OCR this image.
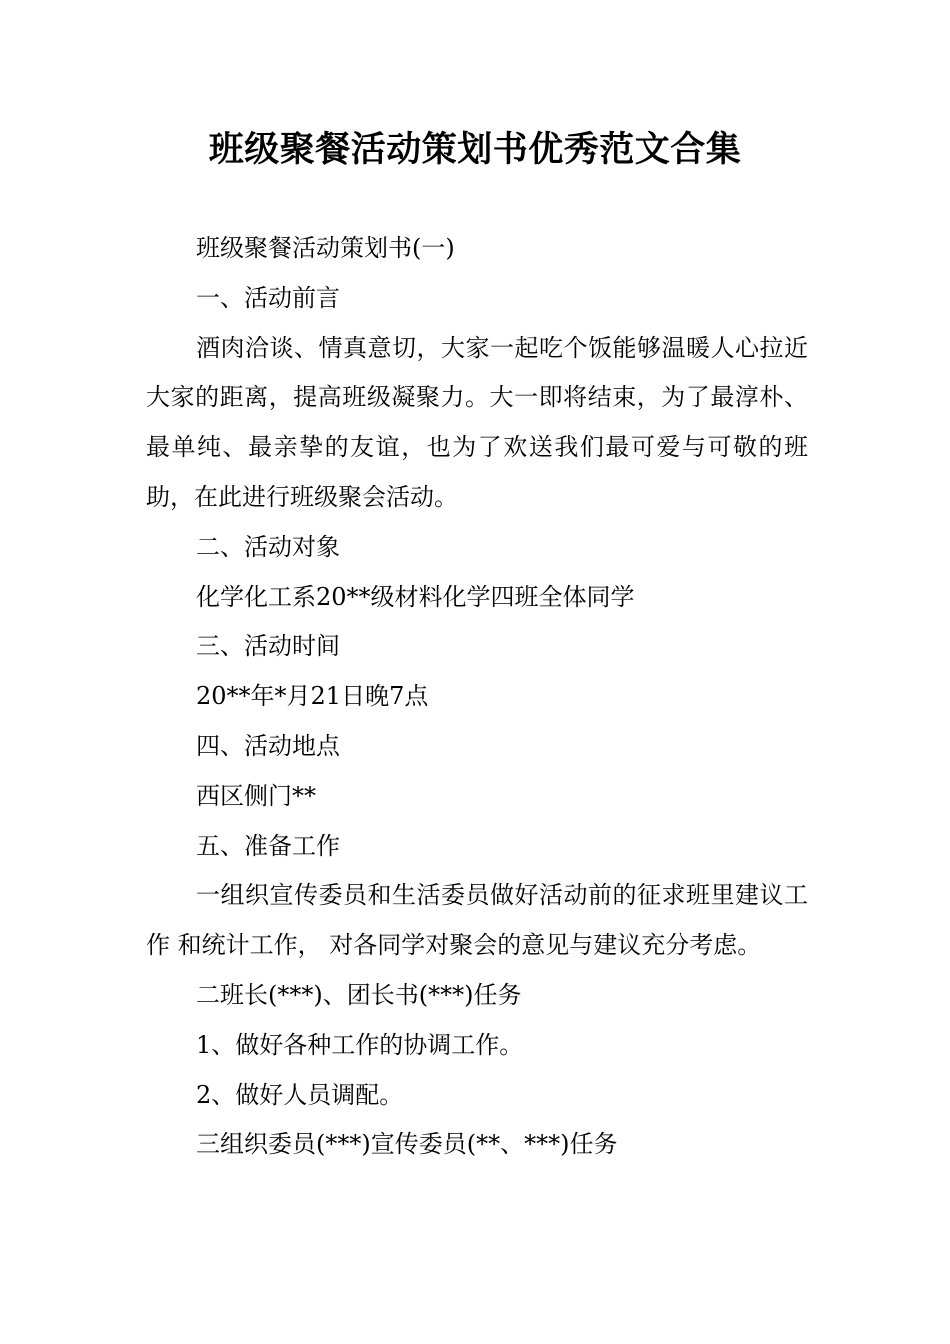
班级聚餐活动策划书优秀范文合集

班级聚餐活动策划书(一)

一、活动前言

酒肉洽谈、情真意切，大家一起吃个饭能够温暖人心拉近大家的距离，提高班级凝聚力。大一即将结束，为了最淳朴、最单纯、最亲挚的友谊，也为了欢送我们最可爱与可敬的班助，在此进行班级聚会活动。

二、活动对象

化学化工系20**级材料化学四班全体同学

三、活动时间

20**年*月21日晚7点

四、活动地点

西区侧门**

五、准备工作

一组织宣传委员和生活委员做好活动前的征求班里建议工作 和统计工作， 对各同学对聚会的意见与建议充分考虑。

二班长(***)、团长书(***)任务

1、做好各种工作的协调工作。

2、做好人员调配。

三组织委员(***)宣传委员(**、***)任务
